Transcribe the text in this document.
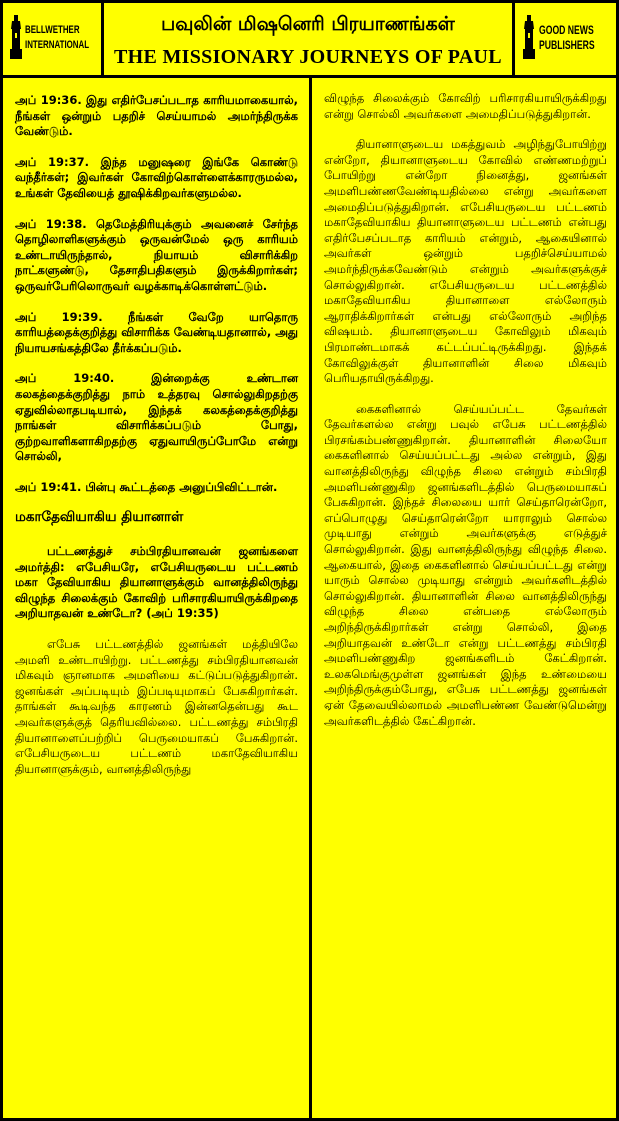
BELLWETHER
INTERNATIONAL
பவுலின் மிஷனெரி பிரயாணங்கள்
THE MISSIONARY JOURNEYS OF PAUL
GOOD NEWS
PUBLISHERS

அப் 19:36. இது எதிர்பேசப்படாத காரியமாகையால், நீங்கள் ஒன்றும் பதறிச் செய்யாமல் அமர்ந்திருக்க வேண்டும்.

அப் 19:37. இந்த மனுஷரை இங்கே கொண்டு வந்தீர்கள்; இவர்கள் கோவிற்கொள்ளைக்காரருமல்ல, உங்கள் தேவியைத் தூஷிக்கிறவர்களுமல்ல.

அப் 19:38. தெமேத்திரியுக்கும் அவனைச் சேர்ந்த தொழிலாளிகளுக்கும் ஒருவன்மேல் ஒரு காரியம் உண்டாயிருந்தால், நியாயம் விசாரிக்கிற நாட்களுண்டு, தேசாதிபதிகளும் இருக்கிறார்கள்; ஒருவர்பேரிலொருவர் வழக்காடிக்கொள்ளட்டும்.

அப் 19:39. நீங்கள் வேறே யாதொரு காரியத்தைக்குறித்து விசாரிக்க வேண்டியதானால், அது நியாயசங்கத்திலே தீர்க்கப்படும்.

அப் 19:40. இன்றைக்கு உண்டான கலகத்தைக்குறித்து நாம் உத்தரவு சொல்லுகிறதற்கு ஏதுவில்லாதபடியால், இந்தக் கலகத்தைக்குறித்து நாங்கள் விசாரிக்கப்படும் போது, குற்றவாளிகளாகிறதற்கு ஏதுவாயிருப்போமே என்று சொல்லி,

அப் 19:41. பின்பு கூட்டத்தை அனுப்பிவிட்டான்.

மகாதேவியாகிய தியானாள்

பட்டணத்துச் சம்பிரதியானவன் ஜனங்களை அமர்த்தி: எபேசியரே, எபேசியருடைய பட்டணம் மகா தேவியாகிய தியானாளுக்கும் வானத்திலிருந்து விழுந்த சிலைக்கும் கோவிற் பரிசாரகியாயிருக்கிறதை அறியாதவன் உண்டோ? (அப் 19:35)

எபேசு பட்டணத்தில் ஜனங்கள் மத்தியிலே அமளி உண்டாயிற்று. பட்டணத்து சம்பிரதியானவன் மிகவும் ஞானமாக அமளியை கட்டுப்படுத்துகிறான். ஜனங்கள் அப்படியும் இப்படியுமாகப் பேசுகிறார்கள். தாங்கள் கூடிவந்த காரணம் இன்னதென்பது கூட அவர்களுக்குத் தெரியவில்லை. பட்டணத்து சம்பிரதி தியானாளைப்பற்றிப் பெருமையாகப் பேசுகிறான். எபேசியருடைய பட்டணம் மகாதேவியாகிய தியானாளுக்கும், வானத்திலிருந்து

விழுந்த சிலைக்கும் கோவிற் பரிசாரகியாயிருக்கிறது என்று சொல்லி அவர்களை அமைதிப்படுத்துகிறான்.

தியானாளுடைய மகத்துவம் அழிந்துபோயிற்று என்றோ, தியானாளுடைய கோவில் எண்ணமற்றுப் போயிற்று என்றோ நினைத்து, ஜனங்கள் அமளிபண்ணவேண்டியதில்லை என்று அவர்களை அமைதிப்படுத்துகிறான். எபேசியருடைய பட்டணம் மகாதேவியாகிய தியானாளுடைய பட்டணம் என்பது எதிர்பேசப்படாத காரியம் என்றும், ஆகையினால் அவர்கள் ஒன்றும் பதறிச்செய்யாமல் அமர்ந்திருக்கவேண்டும் என்றும் அவர்களுக்குச் சொல்லுகிறான். எபேசியருடைய பட்டணத்தில் மகாதேவியாகிய தியானாளை எல்லோரும் ஆராதிக்கிறார்கள் என்பது எல்லோரும் அறிந்த விஷயம். தியானாளுடைய கோவிலும் மிகவும் பிரமாண்டமாகக் கட்டப்பட்டிருக்கிறது. இந்தக் கோவிலுக்குள் தியானாளின் சிலை மிகவும் பெரியதாயிருக்கிறது.

கைகளினால் செய்யப்பட்ட தேவர்கள் தேவர்களல்ல என்று பவுல் எபேசு பட்டணத்தில் பிரசங்கம்பண்ணுகிறான். தியானாளின் சிலையோ கைகளினால் செய்யப்பட்டது அல்ல என்றும், இது வானத்திலிருந்து விழுந்த சிலை என்றும் சம்பிரதி அமளிபண்ணுகிற ஜனங்களிடத்தில் பெருமையாகப் பேசுகிறான். இந்தச் சிலையை யார் செய்தாரென்றோ, எப்பொழுது செய்தாரென்றோ யாராலும் சொல்ல முடியாது என்றும் அவர்களுக்கு எடுத்துச் சொல்லுகிறான். இது வானத்திலிருந்து விழுந்த சிலை. ஆகையால், இதை கைகளினால் செய்யப்பட்டது என்று யாரும் சொல்ல முடியாது என்றும் அவர்களிடத்தில் சொல்லுகிறான். தியானாளின் சிலை வானத்திலிருந்து விழுந்த சிலை என்பதை எல்லோரும் அறிந்திருக்கிறார்கள் என்று சொல்லி, இதை அறியாதவன் உண்டோ என்று பட்டணத்து சம்பிரதி அமளிபண்ணுகிற ஜனங்களிடம் கேட்கிறான். உலகமெங்குமுள்ள ஜனங்கள் இந்த உண்மையை அறிந்திருக்கும்போது, எபேசு பட்டணத்து ஜனங்கள் ஏன் தேவையில்லாமல் அமளிபண்ண வேண்டுமென்று அவர்களிடத்தில் கேட்கிறான்.
